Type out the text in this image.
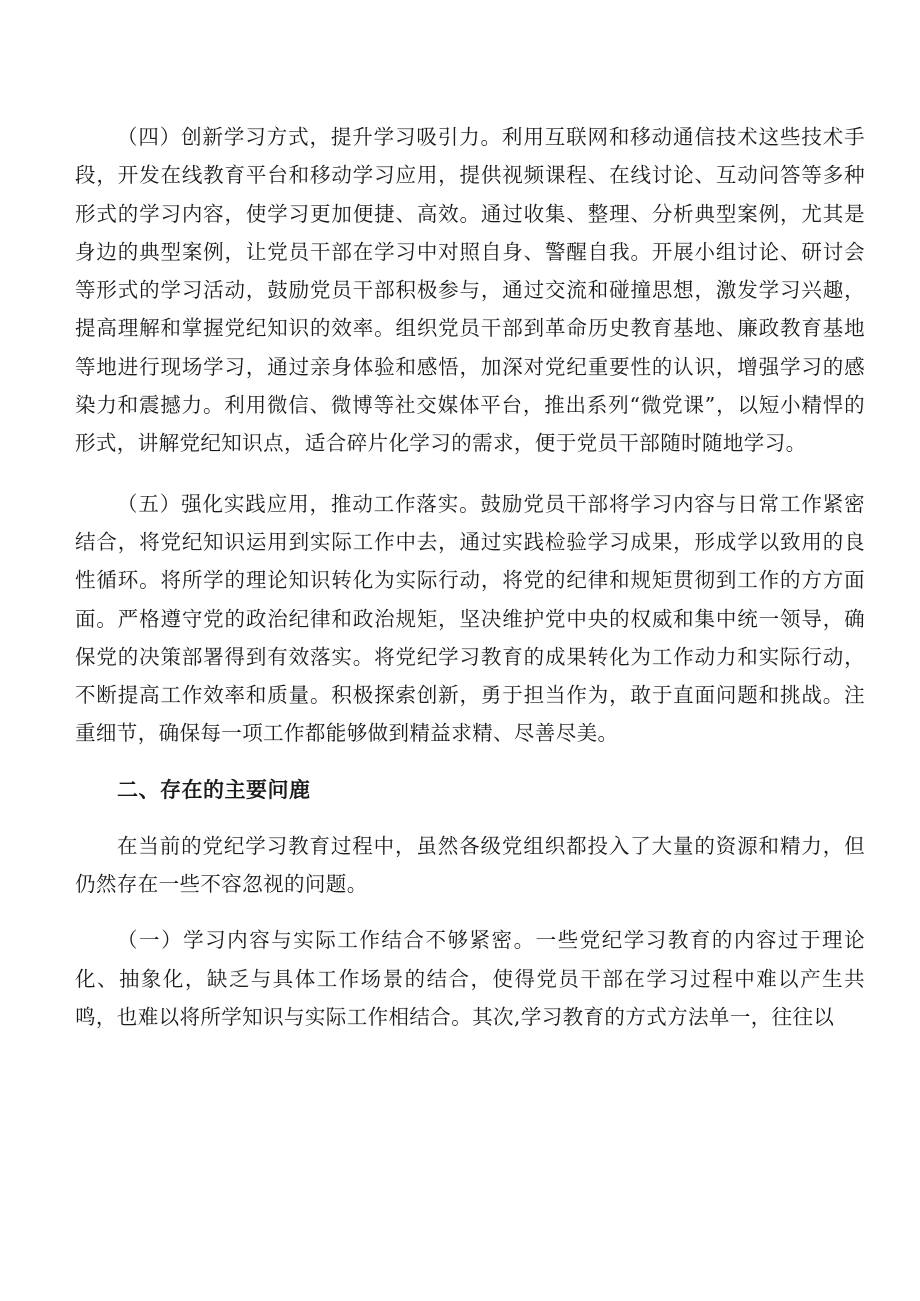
（四）创新学习方式，提升学习吸引力。利用互联网和移动通信技术这些技术手段，开发在线教育平台和移动学习应用，提供视频课程、在线讨论、互动问答等多种形式的学习内容，使学习更加便捷、高效。通过收集、整理、分析典型案例，尤其是身边的典型案例，让党员干部在学习中对照自身、警醒自我。开展小组讨论、研讨会等形式的学习活动，鼓励党员干部积极参与，通过交流和碰撞思想，激发学习兴趣，提高理解和掌握党纪知识的效率。组织党员干部到革命历史教育基地、廉政教育基地等地进行现场学习，通过亲身体验和感悟，加深对党纪重要性的认识，增强学习的感染力和震撼力。利用微信、微博等社交媒体平台，推出系列“微党课”，以短小精悍的形式，讲解党纪知识点，适合碎片化学习的需求，便于党员干部随时随地学习。

（五）强化实践应用，推动工作落实。鼓励党员干部将学习内容与日常工作紧密结合，将党纪知识运用到实际工作中去，通过实践检验学习成果，形成学以致用的良性循环。将所学的理论知识转化为实际行动，将党的纪律和规矩贯彻到工作的方方面面。严格遵守党的政治纪律和政治规矩，坚决维护党中央的权威和集中统一领导，确保党的决策部署得到有效落实。将党纪学习教育的成果转化为工作动力和实际行动，不断提高工作效率和质量。积极探索创新，勇于担当作为，敢于直面问题和挑战。注重细节，确保每一项工作都能够做到精益求精、尽善尽美。

二、存在的主要问鹿

在当前的党纪学习教育过程中，虽然各级党组织都投入了大量的资源和精力，但仍然存在一些不容忽视的问题。

（一）学习内容与实际工作结合不够紧密。一些党纪学习教育的内容过于理论化、抽象化，缺乏与具体工作场景的结合，使得党员干部在学习过程中难以产生共鸣，也难以将所学知识与实际工作相结合。其次,学习教育的方式方法单一，往往以
